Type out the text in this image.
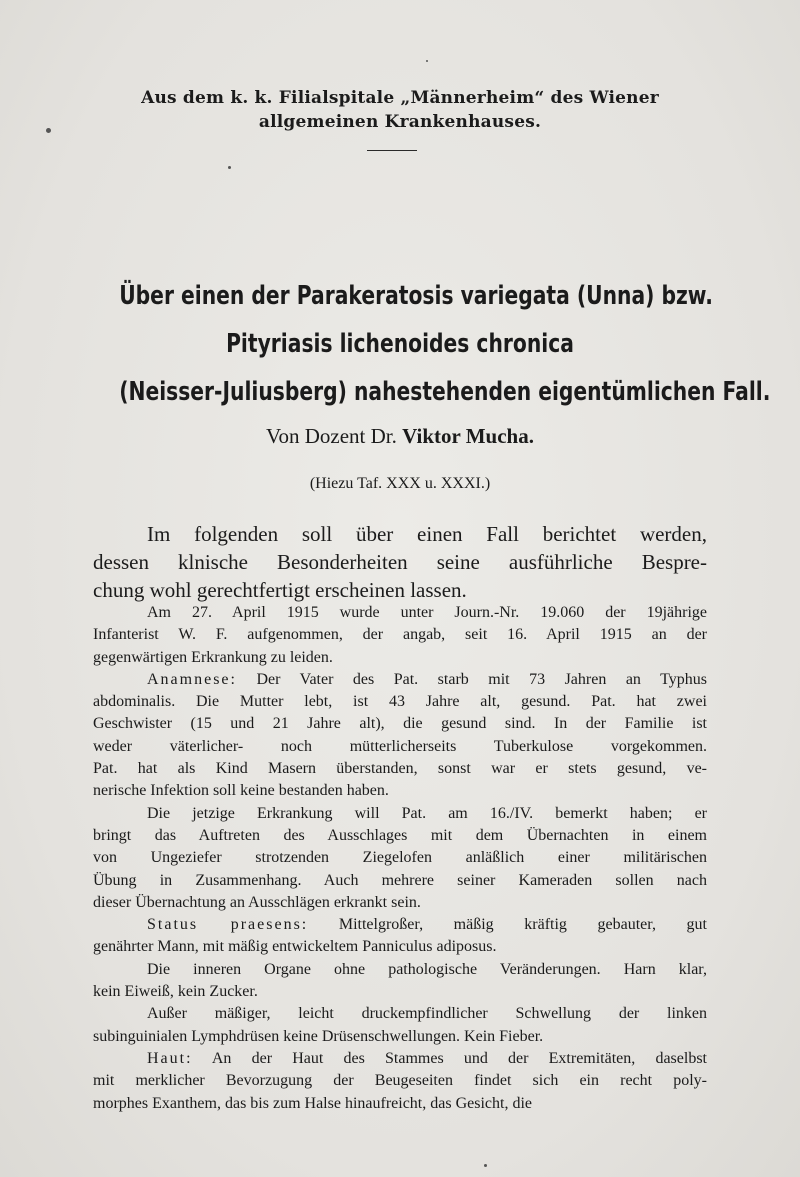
Aus dem k. k. Filialspitale „Männerheim“ des Wiener
allgemeinen Krankenhauses.
Über einen der Parakeratosis variegata (Unna) bzw.
Pityriasis lichenoides chronica
(Neisser-Juliusberg) nahestehenden eigentümlichen Fall.
Von Dozent Dr. Viktor Mucha.
(Hiezu Taf. XXX u. XXXI.)
Im folgenden soll über einen Fall berichtet werden,
dessen klnische Besonderheiten seine ausführliche Bespre-
chung wohl gerechtfertigt erscheinen lassen.
Am 27. April 1915 wurde unter Journ.-Nr. 19.060 der 19jährige
Infanterist W. F. aufgenommen, der angab, seit 16. April 1915 an der
gegenwärtigen Erkrankung zu leiden.
Anamnese: Der Vater des Pat. starb mit 73 Jahren an Typhus
abdominalis. Die Mutter lebt, ist 43 Jahre alt, gesund. Pat. hat zwei
Geschwister (15 und 21 Jahre alt), die gesund sind. In der Familie ist
weder väterlicher- noch mütterlicherseits Tuberkulose vorgekommen.
Pat. hat als Kind Masern überstanden, sonst war er stets gesund, ve-
nerische Infektion soll keine bestanden haben.
Die jetzige Erkrankung will Pat. am 16./IV. bemerkt haben; er
bringt das Auftreten des Ausschlages mit dem Übernachten in einem
von Ungeziefer strotzenden Ziegelofen anläßlich einer militärischen
Übung in Zusammenhang. Auch mehrere seiner Kameraden sollen nach
dieser Übernachtung an Ausschlägen erkrankt sein.
Status praesens: Mittelgroßer, mäßig kräftig gebauter, gut
genährter Mann, mit mäßig entwickeltem Panniculus adiposus.
Die inneren Organe ohne pathologische Veränderungen. Harn klar,
kein Eiweiß, kein Zucker.
Außer mäßiger, leicht druckempfindlicher Schwellung der linken
subinguinialen Lymphdrüsen keine Drüsenschwellungen. Kein Fieber.
Haut: An der Haut des Stammes und der Extremitäten, daselbst
mit merklicher Bevorzugung der Beugeseiten findet sich ein recht poly-
morphes Exanthem, das bis zum Halse hinaufreicht, das Gesicht, die
